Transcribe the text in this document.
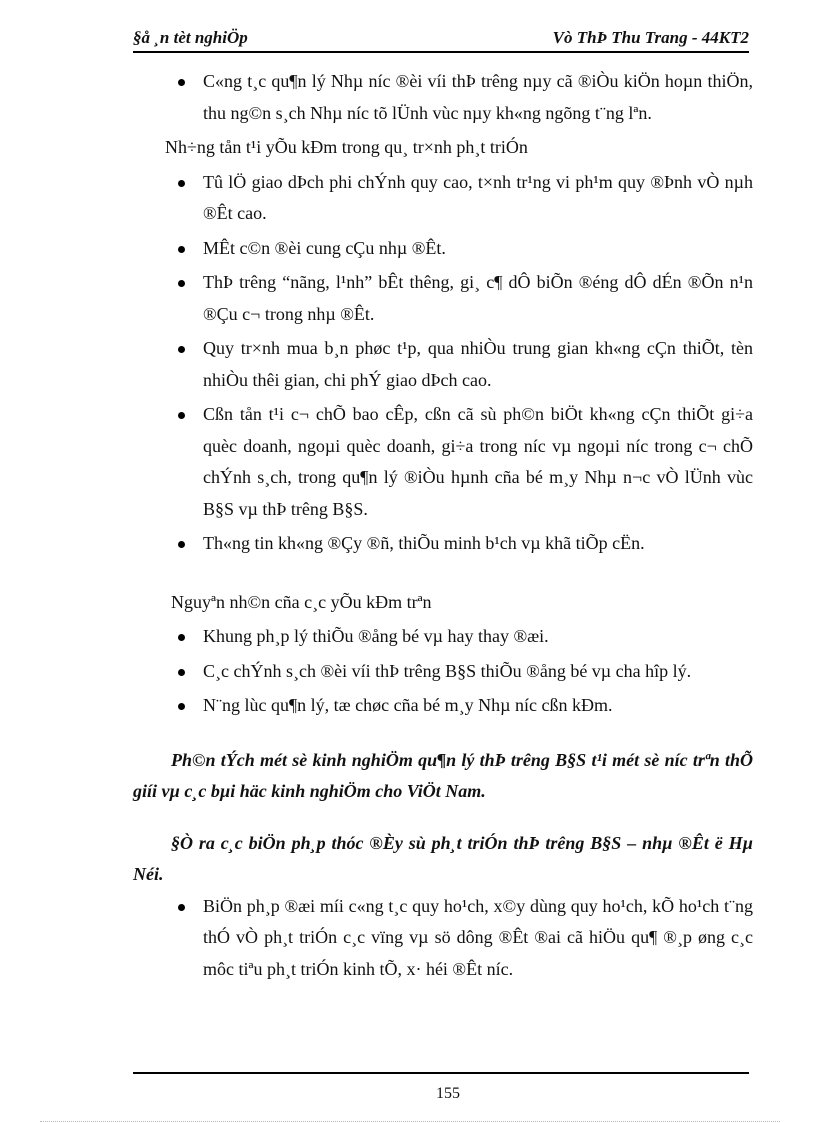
§å ¸n tèt nghiÖp	Vò ThÞ Thu Trang - 44KT2
C«ng t¸c qu¶n lý Nhµ níc ®èi víi thÞ trêng nµy cã ®iÒu kiÖn hoµn thiÖn, thu ng©n s¸ch Nhµ níc tõ lÜnh vùc nµy kh«ng ngõng t¨ng lªn.
Nh÷ng tån t¹i yÕu kÐm trong qu¸ tr×nh ph¸t triÓn
Tû lÖ giao dÞch phi chÝnh quy cao, t×nh tr¹ng vi ph¹m quy ®Þnh vÒ nµh ®Êt cao.
MÊt c©n ®èi cung cÇu nhµ ®Êt.
ThÞ trêng “nãng, l¹nh” bÊt thêng, gi¸ c¶ dÔ biÕn ®éng dÔ dÉn ®Õn n¹n ®Çu c¬ trong nhµ ®Êt.
Quy tr×nh mua b¸n phøc t¹p, qua nhiÒu trung gian kh«ng cÇn thiÕt, tèn nhiÒu thêi gian, chi phÝ giao dÞch cao.
Cßn tån t¹i c¬ chÕ bao cÊp, cßn cã sù ph©n biÖt kh«ng cÇn thiÕt gi÷a quèc doanh, ngoµi quèc doanh, gi÷a trong níc vµ ngoµi níc trong c¬ chÕ chÝnh s¸ch, trong qu¶n lý ®iÒu hµnh cña bé m¸y Nhµ n¬c vÒ lÜnh vùc B§S vµ thÞ trêng B§S.
Th«ng tin kh«ng ®Çy ®ñ, thiÕu minh b¹ch vµ khã tiÕp cËn.
Nguyªn nh©n cña c¸c yÕu kÐm trªn
Khung ph¸p lý thiÕu ®ång bé vµ hay thay ®æi.
C¸c chÝnh s¸ch ®èi víi thÞ trêng B§S thiÕu ®ång bé vµ cha hîp lý.
N¨ng lùc qu¶n lý, tæ chøc cña bé m¸y Nhµ níc cßn kÐm.

Ph©n tÝch mét sè kinh nghiÖm qu¶n lý thÞ trêng B§S t¹i mét sè níc trªn thÕ giíi vµ c¸c bµi häc kinh nghiÖm cho ViÖt Nam.

§Ò ra c¸c biÖn ph¸p thóc ®Èy sù ph¸t triÓn thÞ trêng B§S – nhµ ®Êt ë Hµ Néi.

BiÖn ph¸p ®æi míi c«ng t¸c quy ho¹ch, x©y dùng quy ho¹ch, kÕ ho¹ch t¨ng thÓ vÒ ph¸t triÓn c¸c vïng vµ sö dông ®Êt ®ai cã hiÖu qu¶ ®¸p øng c¸c môc tiªu ph¸t triÓn kinh tÕ, x· héi ®Êt níc.
155
